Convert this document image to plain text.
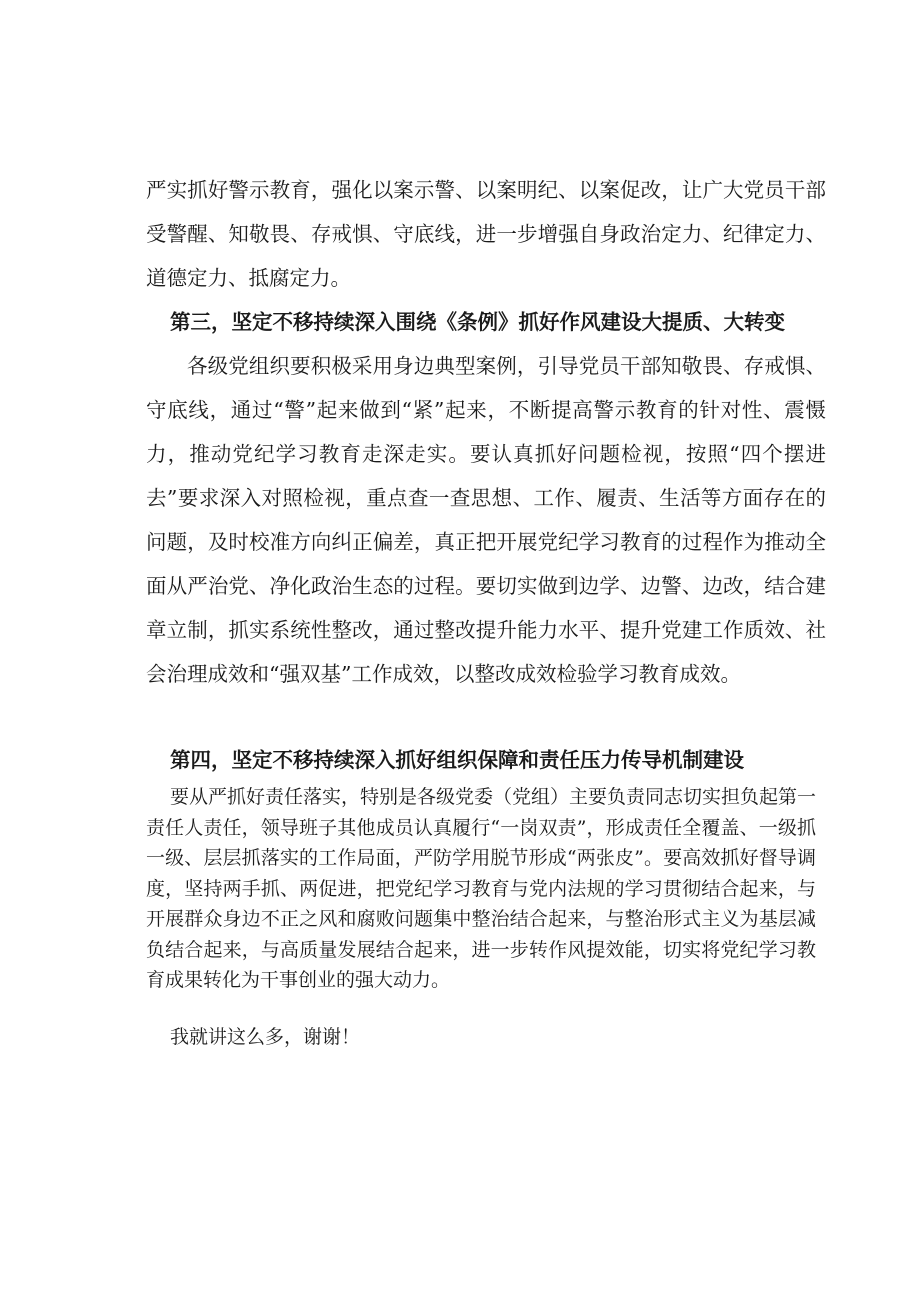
严实抓好警示教育，强化以案示警、以案明纪、以案促改，让广大党员干部受警醒、知敬畏、存戒惧、守底线，进一步增强自身政治定力、纪律定力、道德定力、抵腐定力。

第三，坚定不移持续深入围绕《条例》抓好作风建设大提质、大转变

各级党组织要积极采用身边典型案例，引导党员干部知敬畏、存戒惧、守底线，通过“警”起来做到“紧”起来，不断提高警示教育的针对性、震慑力，推动党纪学习教育走深走实。要认真抓好问题检视，按照“四个摆进去”要求深入对照检视，重点查一查思想、工作、履责、生活等方面存在的问题，及时校准方向纠正偏差，真正把开展党纪学习教育的过程作为推动全面从严治党、净化政治生态的过程。要切实做到边学、边警、边改，结合建章立制，抓实系统性整改，通过整改提升能力水平、提升党建工作质效、社会治理成效和“强双基”工作成效，以整改成效检验学习教育成效。

第四，坚定不移持续深入抓好组织保障和责任压力传导机制建设

要从严抓好责任落实，特别是各级党委（党组）主要负责同志切实担负起第一责任人责任，领导班子其他成员认真履行“一岗双责”，形成责任全覆盖、一级抓一级、层层抓落实的工作局面，严防学用脱节形成“两张皮”。要高效抓好督导调度，坚持两手抓、两促进，把党纪学习教育与党内法规的学习贯彻结合起来，与开展群众身边不正之风和腐败问题集中整治结合起来，与整治形式主义为基层减负结合起来，与高质量发展结合起来，进一步转作风提效能，切实将党纪学习教育成果转化为干事创业的强大动力。

我就讲这么多，谢谢！
